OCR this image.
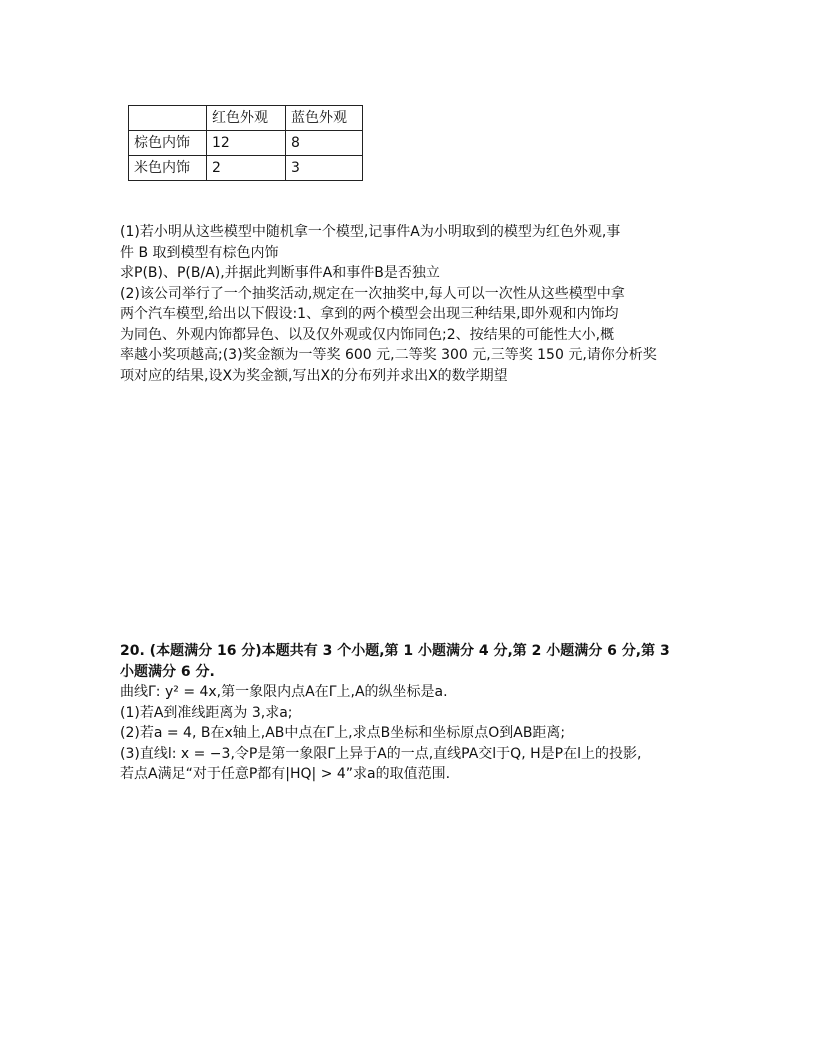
	红色外观	蓝色外观
棕色内饰	12	8
米色内饰	2	3

(1)若小明从这些模型中随机拿一个模型,记事件A为小明取到的模型为红色外观,事

件 B 取到模型有棕色内饰

求P(B)、P(B/A),并据此判断事件A和事件B是否独立

(2)该公司举行了一个抽奖活动,规定在一次抽奖中,每人可以一次性从这些模型中拿

两个汽车模型,给出以下假设:1、拿到的两个模型会出现三种结果,即外观和内饰均

为同色、外观内饰都异色、以及仅外观或仅内饰同色;2、按结果的可能性大小,概

率越小奖项越高;(3)奖金额为一等奖 600 元,二等奖 300 元,三等奖 150 元,请你分析奖

项对应的结果,设X为奖金额,写出X的分布列并求出X的数学期望

20. (本题满分 16 分)本题共有 3 个小题,第 1 小题满分 4 分,第 2 小题满分 6 分,第 3

小题满分 6 分.

曲线Γ: y² = 4x,第一象限内点A在Γ上,A的纵坐标是a.

(1)若A到准线距离为 3,求a;

(2)若a = 4, B在x轴上,AB中点在Γ上,求点B坐标和坐标原点O到AB距离;

(3)直线l: x = −3,令P是第一象限Γ上异于A的一点,直线PA交l于Q, H是P在l上的投影,

若点A满足“对于任意P都有|HQ| > 4”求a的取值范围.
